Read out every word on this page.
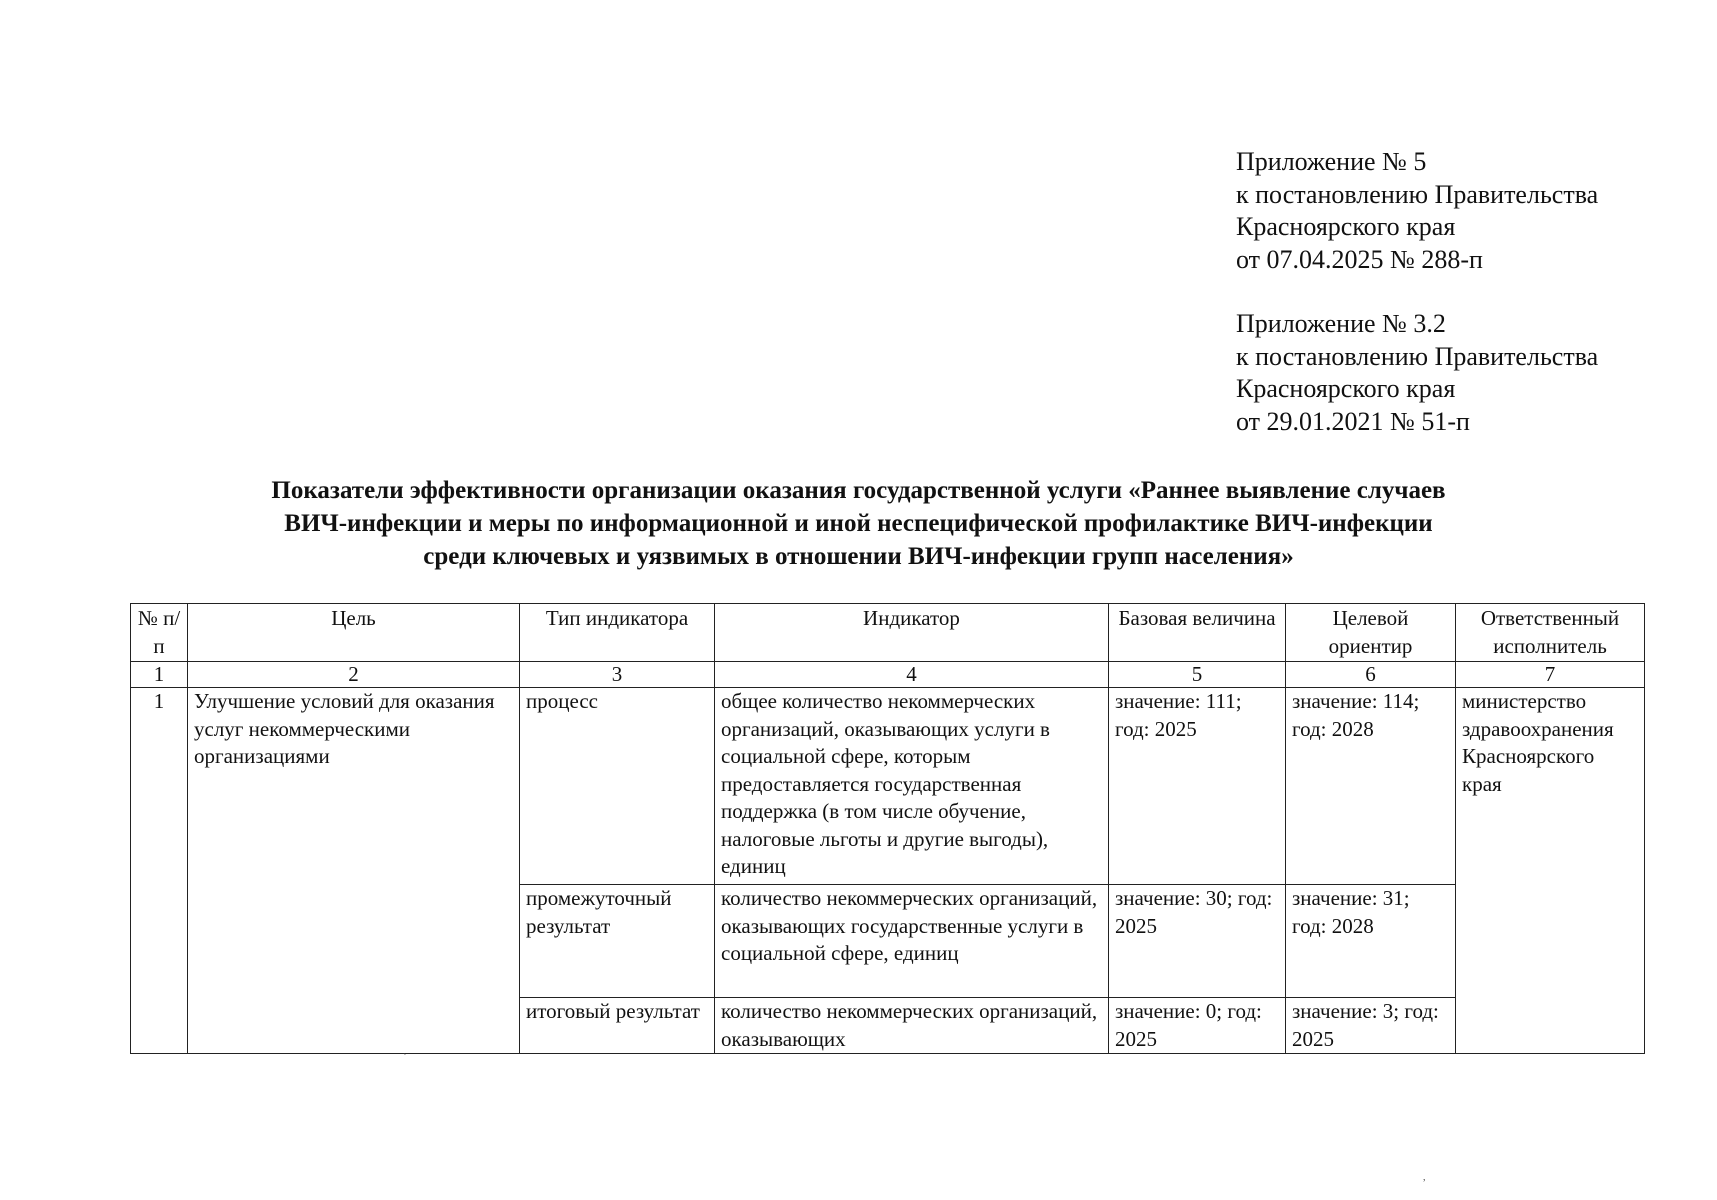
Приложение № 5

к постановлению Правительства

Красноярского края

от 07.04.2025 № 288-п

Приложение № 3.2

к постановлению Правительства

Красноярского края

от 29.01.2021 № 51-п

Показатели эффективности организации оказания государственной услуги «Раннее выявление случаев
ВИЧ-инфекции и меры по информационной и иной неспецифической профилактике ВИЧ-инфекции
среди ключевых и уязвимых в отношении ВИЧ-инфекции групп населения»
№ п/п	Цель	Тип индикатора	Индикатор	Базовая величина	Целевой ориентир	Ответственный исполнитель
1	2	3	4	5	6	7
1	Улучшение условий для оказания услуг некоммерческими организациями	процесс	общее количество некоммерческих организаций, оказывающих услуги в социальной сфере, которым предоставляется государственная поддержка (в том числе обучение, налоговые льготы и другие выгоды), единиц	значение: 111; год: 2025	значение: 114; год: 2028	министерство здравоохранения Красноярского края
		промежуточный результат	количество некоммерческих организаций, оказывающих государственные услуги в социальной сфере, единиц	значение: 30; год: 2025	значение: 31; год: 2028	
		итоговый результат	количество некоммерческих организаций, оказывающих	значение: 0; год: 2025	значение: 3; год: 2025	
,
`
